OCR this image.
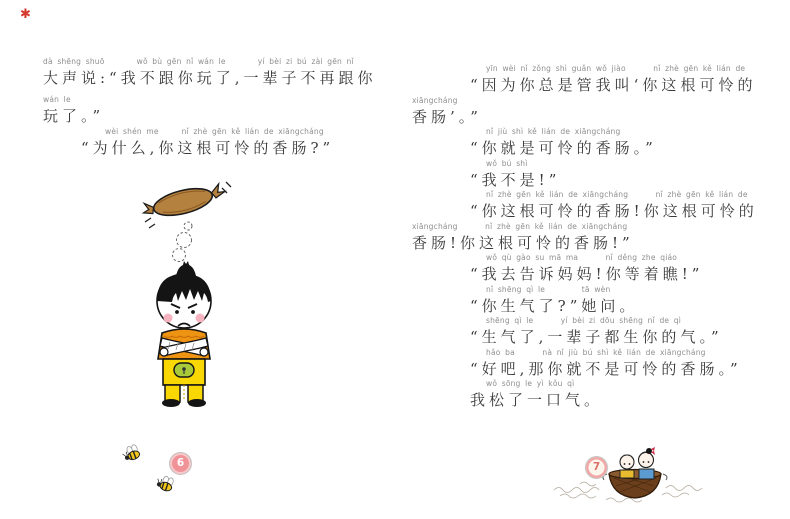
✱
dà shēng shuō       wǒ bù gēn nǐ wán le       yí bèi zi bú zài gēn nǐ
大声说:“我不跟你玩了,一辈子不再跟你
wán le
玩了。”
wèi shén me     nǐ zhè gēn kě lián de xiāngcháng
“为什么,你这根可怜的香肠?”
6
yīn wèi nǐ zǒng shì guǎn wǒ jiào      nǐ zhè gēn kě lián de
“因为你总是管我叫‘你这根可怜的
xiāngcháng
香肠’。”
nǐ jiù shì kě lián de xiāngcháng
“你就是可怜的香肠。”
wǒ bú shì
“我不是!”
nǐ zhè gēn kě lián de xiāngcháng      nǐ zhè gēn kě lián de
“你这根可怜的香肠!你这根可怜的
xiāngcháng      nǐ zhè gēn kě lián de xiāngcháng
香肠!你这根可怜的香肠!”
wǒ qù gào su mā ma      nǐ děng zhe qiáo
“我去告诉妈妈!你等着瞧!”
nǐ shēng qì le        tā wèn
“你生气了?”她问。
shēng qì le      yí bèi zi dōu shēng nǐ de qì
“生气了,一辈子都生你的气。”
hǎo ba      nà nǐ jiù bú shì kě lián de xiāngcháng
“好吧,那你就不是可怜的香肠。”
wǒ sōng le yì kǒu qì
我松了一口气。
7
